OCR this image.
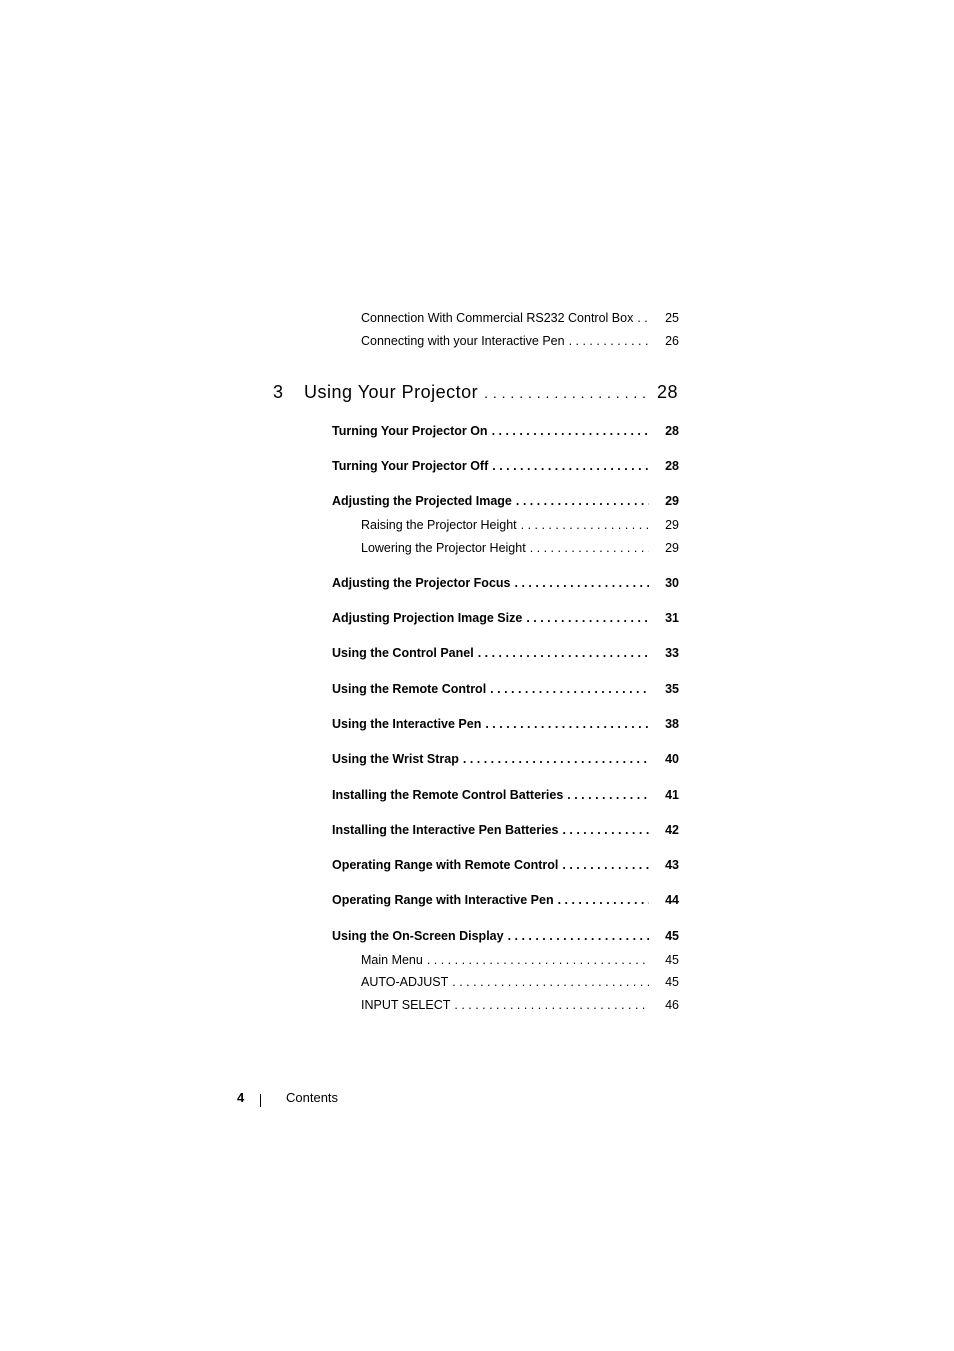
Connection With Commercial RS232 Control Box . . .	25
Connecting with your Interactive Pen . . .	26
3	Using Your Projector . . .	28
Turning Your Projector On . . .	28
Turning Your Projector Off . . .	28
Adjusting the Projected Image . . .	29
Raising the Projector Height . . .	29
Lowering the Projector Height . . .	29
Adjusting the Projector Focus . . .	30
Adjusting Projection Image Size . . .	31
Using the Control Panel . . .	33
Using the Remote Control . . .	35
Using the Interactive Pen . . .	38
Using the Wrist Strap . . .	40
Installing the Remote Control Batteries . . .	41
Installing the Interactive Pen Batteries . . .	42
Operating Range with Remote Control . . .	43
Operating Range with Interactive Pen . . .	44
Using the On-Screen Display . . .	45
Main Menu . . .	45
AUTO-ADJUST . . .	45
INPUT SELECT . . .	46
4	Contents
